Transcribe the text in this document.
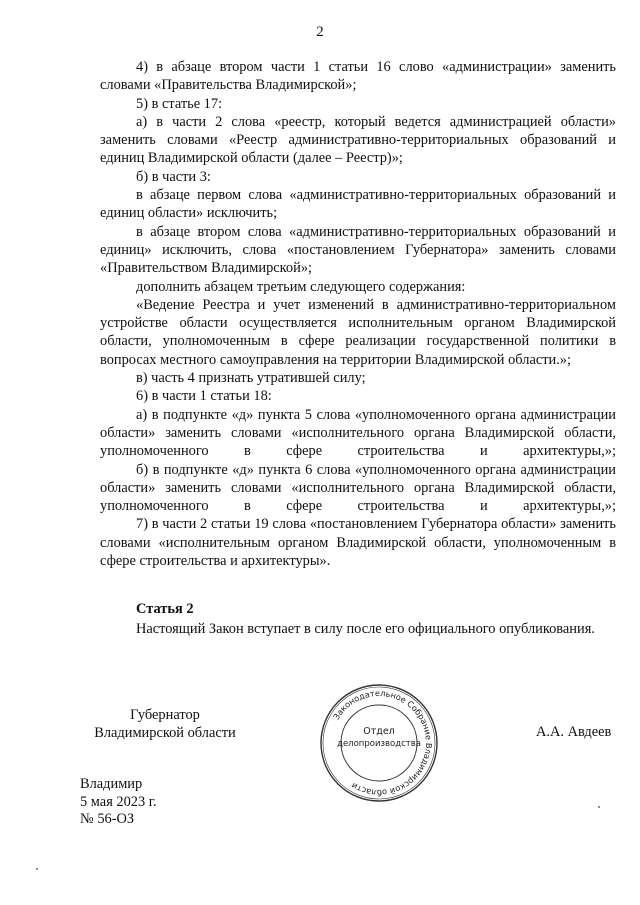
2

4) в абзаце втором части 1 статьи 16 слово «администрации» заменить словами «Правительства Владимирской»;

5) в статье 17:

а) в части 2 слова «реестр, который ведется администрацией области» заменить словами «Реестр административно-территориальных образований и единиц Владимирской области (далее – Реестр)»;

б) в части 3:

в абзаце первом слова «административно-территориальных образований и единиц области» исключить;

в абзаце втором слова «административно-территориальных образований и единиц» исключить, слова «постановлением Губернатора» заменить словами «Правительством Владимирской»;

дополнить абзацем третьим следующего содержания:

«Ведение Реестра и учет изменений в административно-территориальном устройстве области осуществляется исполнительным органом Владимирской области, уполномоченным в сфере реализации государственной политики в вопросах местного самоуправления на территории Владимирской области.»;

в) часть 4 признать утратившей силу;

6) в части 1 статьи 18:

а) в подпункте «д» пункта 5 слова «уполномоченного органа администрации области» заменить словами «исполнительного органа Владимирской области, уполномоченного в сфере строительства и архитектуры,»;

б) в подпункте «д» пункта 6 слова «уполномоченного органа администрации области» заменить словами «исполнительного органа Владимирской области, уполномоченного в сфере строительства и архитектуры,»;

7) в части 2 статьи 19 слова «постановлением Губернатора области» заменить словами «исполнительным органом Владимирской области, уполномоченным в сфере строительства и архитектуры».

Статья 2

Настоящий Закон вступает в силу после его официального опубликования.

Губернатор
Владимирской области
Законодательное Собрание Владимирской области
Отдел
делопроизводства
А.А. Авдеев
Владимир
5 мая 2023 г.
№ 56-ОЗ
